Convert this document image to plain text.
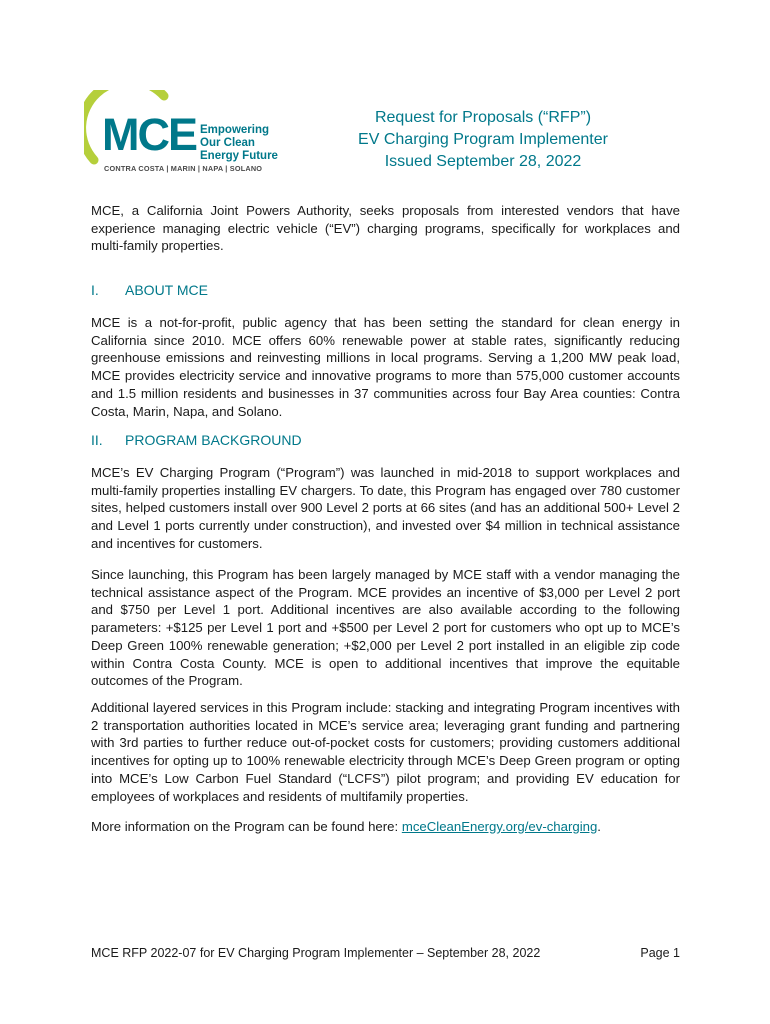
MCE Empowering
Our Clean
Energy Future
CONTRA COSTA | MARIN | NAPA | SOLANO
Request for Proposals (“RFP”)
EV Charging Program Implementer
Issued September 28, 2022

MCE, a California Joint Powers Authority, seeks proposals from interested vendors that have experience managing electric vehicle (“EV”) charging programs, specifically for workplaces and multi-family properties.

I. ABOUT MCE

MCE is a not-for-profit, public agency that has been setting the standard for clean energy in California since 2010. MCE offers 60% renewable power at stable rates, significantly reducing greenhouse emissions and reinvesting millions in local programs. Serving a 1,200 MW peak load, MCE provides electricity service and innovative programs to more than 575,000 customer accounts and 1.5 million residents and businesses in 37 communities across four Bay Area counties: Contra Costa, Marin, Napa, and Solano.

II. PROGRAM BACKGROUND

MCE’s EV Charging Program (“Program”) was launched in mid-2018 to support workplaces and multi-family properties installing EV chargers. To date, this Program has engaged over 780 customer sites, helped customers install over 900 Level 2 ports at 66 sites (and has an additional 500+ Level 2 and Level 1 ports currently under construction), and invested over $4 million in technical assistance and incentives for customers.

Since launching, this Program has been largely managed by MCE staff with a vendor managing the technical assistance aspect of the Program. MCE provides an incentive of $3,000 per Level 2 port and $750 per Level 1 port. Additional incentives are also available according to the following parameters: +$125 per Level 1 port and +$500 per Level 2 port for customers who opt up to MCE’s Deep Green 100% renewable generation; +$2,000 per Level 2 port installed in an eligible zip code within Contra Costa County. MCE is open to additional incentives that improve the equitable outcomes of the Program.

Additional layered services in this Program include: stacking and integrating Program incentives with 2 transportation authorities located in MCE’s service area; leveraging grant funding and partnering with 3rd parties to further reduce out-of-pocket costs for customers; providing customers additional incentives for opting up to 100% renewable electricity through MCE’s Deep Green program or opting into MCE’s Low Carbon Fuel Standard (“LCFS”) pilot program; and providing EV education for employees of workplaces and residents of multifamily properties.

More information on the Program can be found here: mceCleanEnergy.org/ev-charging.

MCE RFP 2022-07 for EV Charging Program Implementer – September 28, 2022	Page 1
